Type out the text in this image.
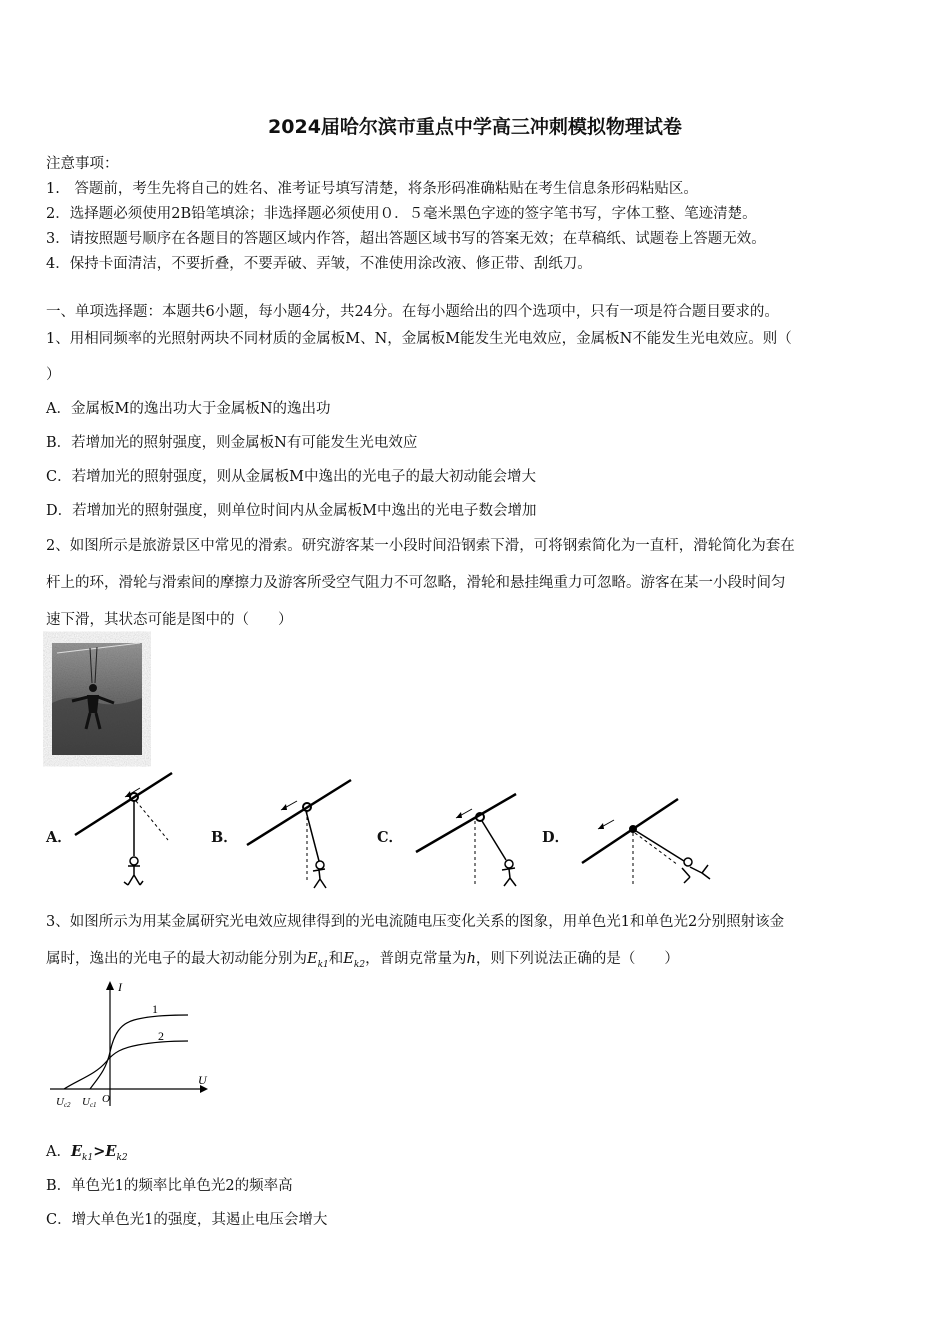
2024届哈尔滨市重点中学高三冲刺模拟物理试卷
注意事项：
1.　答题前，考生先将自己的姓名、准考证号填写清楚，将条形码准确粘贴在考生信息条形码粘贴区。
2．选择题必须使用2B铅笔填涂；非选择题必须使用０．５毫米黑色字迹的签字笔书写，字体工整、笔迹清楚。
3．请按照题号顺序在各题目的答题区域内作答，超出答题区域书写的答案无效；在草稿纸、试题卷上答题无效。
4．保持卡面清洁，不要折叠，不要弄破、弄皱，不准使用涂改液、修正带、刮纸刀。
一、单项选择题：本题共6小题，每小题4分，共24分。在每小题给出的四个选项中，只有一项是符合题目要求的。
1、用相同频率的光照射两块不同材质的金属板M、N，金属板M能发生光电效应，金属板N不能发生光电效应。则（
）
A．金属板M的逸出功大于金属板N的逸出功
B．若增加光的照射强度，则金属板N有可能发生光电效应
C．若增加光的照射强度，则从金属板M中逸出的光电子的最大初动能会增大
D．若增加光的照射强度，则单位时间内从金属板M中逸出的光电子数会增加
2、如图所示是旅游景区中常见的滑索。研究游客某一小段时间沿钢索下滑，可将钢索简化为一直杆，滑轮简化为套在
杆上的环，滑轮与滑索间的摩擦力及游客所受空气阻力不可忽略，滑轮和悬挂绳重力可忽略。游客在某一小段时间匀
速下滑，其状态可能是图中的（　　）
A．	B．	C．	D．
3、如图所示为用某金属研究光电效应规律得到的光电流随电压变化关系的图象，用单色光1和单色光2分别照射该金
属时，逸出的光电子的最大初动能分别为$E_{k1}$和$E_{k2}$，普朗克常量为h，则下列说法正确的是（　　）
I
U
1
2
Uc2 Uc1 O
A．$E_{k1}>E_{k2}$
B．单色光1的频率比单色光2的频率高
C．增大单色光1的强度，其遏止电压会增大
